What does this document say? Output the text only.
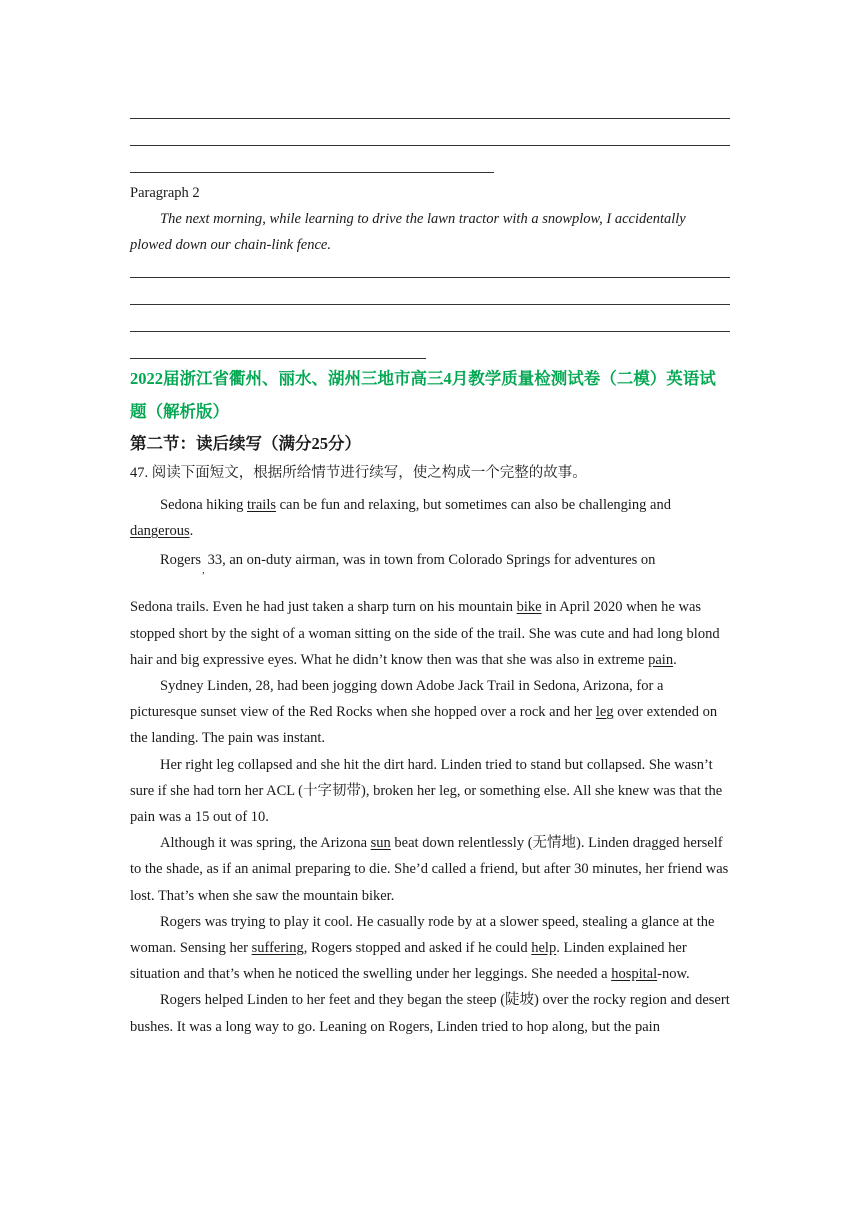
Paragraph 2

The next morning, while learning to drive the lawn tractor with a snowplow, I accidentally plowed down our chain-link fence.

2022届浙江省衢州、丽水、湖州三地市高三4月教学质量检测试卷（二模）英语试题（解析版）

第二节：读后续写（满分25分）

47. 阅读下面短文，根据所给情节进行续写，使之构成一个完整的故事。

Sedona hiking trails can be fun and relaxing, but sometimes can also be challenging and dangerous.

Rogers$_,$33, an on-duty airman, was in town from Colorado Springs for adventures on

Sedona trails. Even he had just taken a sharp turn on his mountain bike in April 2020 when he was stopped short by the sight of a woman sitting on the side of the trail. She was cute and had long blond hair and big expressive eyes. What he didn’t know then was that she was also in extreme pain.

Sydney Linden, 28, had been jogging down Adobe Jack Trail in Sedona, Arizona, for a picturesque sunset view of the Red Rocks when she hopped over a rock and her leg over extended on the landing. The pain was instant.

Her right leg collapsed and she hit the dirt hard. Linden tried to stand but collapsed. She wasn’t sure if she had torn her ACL (十字韧带), broken her leg, or something else. All she knew was that the pain was a 15 out of 10.

Although it was spring, the Arizona sun beat down relentlessly (无情地). Linden dragged herself to the shade, as if an animal preparing to die. She’d called a friend, but after 30 minutes, her friend was lost. That’s when she saw the mountain biker.

Rogers was trying to play it cool. He casually rode by at a slower speed, stealing a glance at the woman. Sensing her suffering, Rogers stopped and asked if he could help. Linden explained her situation and that’s when he noticed the swelling under her leggings. She needed a hospital-now.

Rogers helped Linden to her feet and they began the steep (陡坡) over the rocky region and desert bushes. It was a long way to go. Leaning on Rogers, Linden tried to hop along, but the pain
